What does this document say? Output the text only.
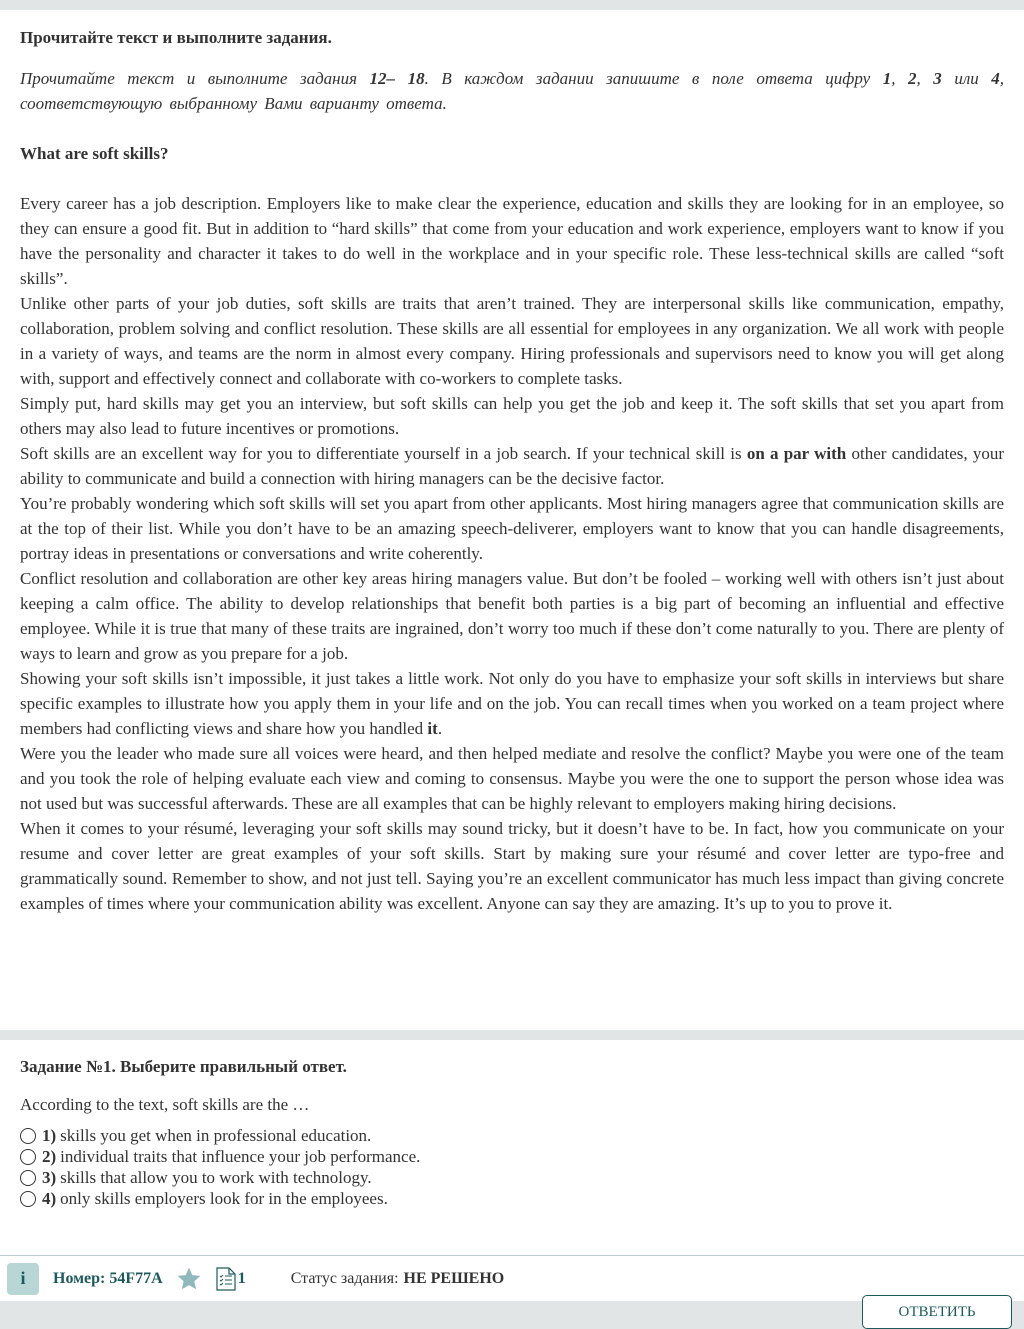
Прочитайте текст и выполните задания.
Прочитайте текст и выполните задания 12– 18. В каждом задании запишите в поле ответа цифру 1, 2, 3 или 4, соответствующую выбранному Вами варианту ответа.
What are soft skills?

Every career has a job description. Employers like to make clear the experience, education and skills they are looking for in an employee, so they can ensure a good fit. But in addition to “hard skills” that come from your education and work experience, employers want to know if you have the personality and character it takes to do well in the workplace and in your specific role. These less-technical skills are called “soft skills”.

Unlike other parts of your job duties, soft skills are traits that aren’t trained. They are interpersonal skills like communication, empathy, collaboration, problem solving and conflict resolution. These skills are all essential for employees in any organization. We all work with people in a variety of ways, and teams are the norm in almost every company. Hiring professionals and supervisors need to know you will get along with, support and effectively connect and collaborate with co-workers to complete tasks.

Simply put, hard skills may get you an interview, but soft skills can help you get the job and keep it. The soft skills that set you apart from others may also lead to future incentives or promotions.

Soft skills are an excellent way for you to differentiate yourself in a job search. If your technical skill is on a par with other candidates, your ability to communicate and build a connection with hiring managers can be the decisive factor.

You’re probably wondering which soft skills will set you apart from other applicants. Most hiring managers agree that communication skills are at the top of their list. While you don’t have to be an amazing speech-deliverer, employers want to know that you can handle disagreements, portray ideas in presentations or conversations and write coherently.

Conflict resolution and collaboration are other key areas hiring managers value. But don’t be fooled – working well with others isn’t just about keeping a calm office. The ability to develop relationships that benefit both parties is a big part of becoming an influential and effective employee. While it is true that many of these traits are ingrained, don’t worry too much if these don’t come naturally to you. There are plenty of ways to learn and grow as you prepare for a job.

Showing your soft skills isn’t impossible, it just takes a little work. Not only do you have to emphasize your soft skills in interviews but share specific examples to illustrate how you apply them in your life and on the job. You can recall times when you worked on a team project where members had conflicting views and share how you handled it.

Were you the leader who made sure all voices were heard, and then helped mediate and resolve the conflict? Maybe you were one of the team and you took the role of helping evaluate each view and coming to consensus. Maybe you were the one to support the person whose idea was not used but was successful afterwards. These are all examples that can be highly relevant to employers making hiring decisions.

When it comes to your résumé, leveraging your soft skills may sound tricky, but it doesn’t have to be. In fact, how you communicate on your resume and cover letter are great examples of your soft skills. Start by making sure your résumé and cover letter are typo-free and grammatically sound. Remember to show, and not just tell. Saying you’re an excellent communicator has much less impact than giving concrete examples of times where your communication ability was excellent. Anyone can say they are amazing. It’s up to you to prove it.

Задание №1. Выберите правильный ответ.
According to the text, soft skills are the …
1) skills you get when in professional education.
2) individual traits that influence your job performance.
3) skills that allow you to work with technology.
4) only skills employers look for in the employees.
i	Номер: 54F77A	1	Статус задания: НЕ РЕШЕНО
ОТВЕТИТЬ
